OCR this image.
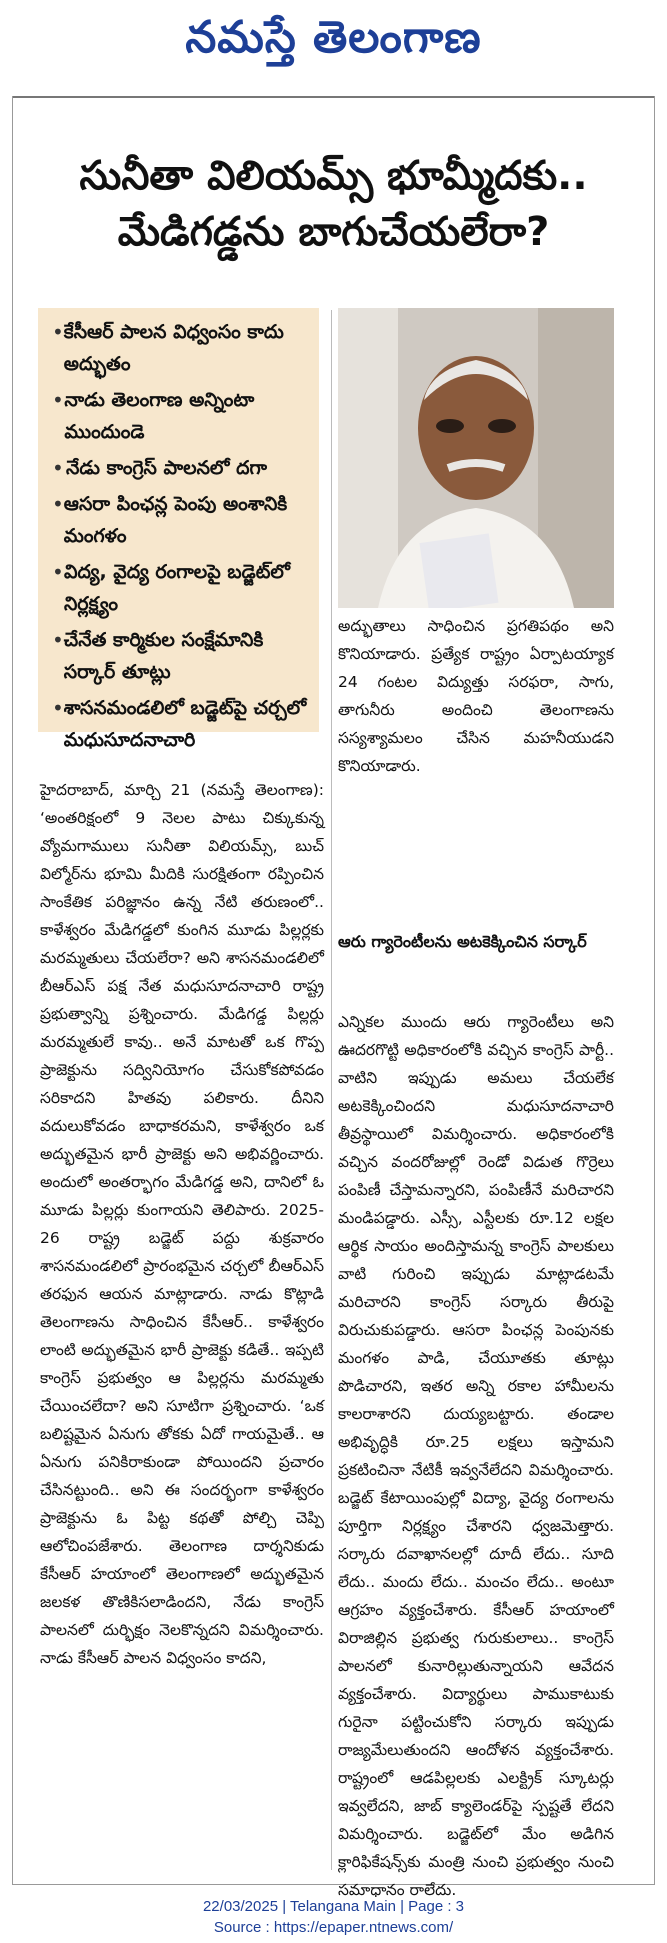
నమస్తే తెలంగాణ
సునీతా విలియమ్స్ భూమ్మీదకు..
మేడిగడ్డను బాగుచేయలేరా?
• కేసీఆర్ పాలన విధ్వంసం కాదు అద్భుతం
• నాడు తెలంగాణ అన్నింటా ముందుండె
• నేడు కాంగ్రెస్ పాలనలో దగా
• ఆసరా పింఛన్ల పెంపు అంశానికి మంగళం
• విద్య, వైద్య రంగాలపై బడ్జెట్‌లో నిర్లక్ష్యం
• చేనేత కార్మికుల సంక్షేమానికి సర్కార్ తూట్లు
• శాసనమండలిలో బడ్జెట్‌పై చర్చలో మధుసూదనాచారి
హైదరాబాద్, మార్చి 21 (నమస్తే తెలంగాణ): ‘అంతరిక్షంలో 9 నెలల పాటు చిక్కుకున్న వ్యోమగాములు సునీతా విలియమ్స్, బుచ్ విల్మోర్‌ను భూమి మీదికి సురక్షితంగా రప్పించిన సాంకేతిక పరిజ్ఞానం ఉన్న నేటి తరుణంలో.. కాళేశ్వరం మేడిగడ్డలో కుంగిన మూడు పిల్లర్లకు మరమ్మతులు చేయలేరా? అని శాసనమండలిలో బీఆర్‌ఎస్ పక్ష నేత మధుసూదనాచారి రాష్ట్ర ప్రభుత్వాన్ని ప్రశ్నించారు. మేడిగడ్డ పిల్లర్లు మరమ్మతులే కావు.. అనే మాటతో ఒక గొప్ప ప్రాజెక్టును సద్వినియోగం చేసుకోకపోవడం సరికాదని హితవు పలికారు. దీనిని వదులుకోవడం బాధాకరమని, కాళేశ్వరం ఒక అద్భుతమైన భారీ ప్రాజెక్టు అని అభివర్ణించారు. అందులో అంతర్భాగం మేడిగడ్డ అని, దానిలో ఓ మూడు పిల్లర్లు కుంగాయని తెలిపారు. 2025-26 రాష్ట్ర బడ్జెట్ పద్దు శుక్రవారం శాసనమండలిలో ప్రారంభమైన చర్చలో బీఆర్‌ఎస్ తరఫున ఆయన మాట్లాడారు. నాడు కొట్లాడి తెలంగాణను సాధించిన కేసీఆర్.. కాళేశ్వరం లాంటి అద్భుతమైన భారీ ప్రాజెక్టు కడితే.. ఇప్పటి కాంగ్రెస్ ప్రభుత్వం ఆ పిల్లర్లను మరమ్మతు చేయించలేదా? అని సూటిగా ప్రశ్నించారు. ‘ఒక బలిష్టమైన ఏనుగు తోకకు ఏదో గాయమైతే.. ఆ ఏనుగు పనికిరాకుండా పోయిందని ప్రచారం చేసినట్టుంది.. అని ఈ సందర్భంగా కాళేశ్వరం ప్రాజెక్టును ఓ పిట్ట కథతో పోల్చి చెప్పి ఆలోచింపజేశారు. తెలంగాణ దార్శనికుడు కేసీఆర్ హయాంలో తెలంగాణలో అద్భుతమైన జలకళ తొణికిసలాడిందని, నేడు కాంగ్రెస్ పాలనలో దుర్భిక్షం నెలకొన్నదని విమర్శించారు. నాడు కేసీఆర్ పాలన విధ్వంసం కాదని,
అద్భుతాలు సాధించిన ప్రగతిపథం అని కొనియాడారు. ప్రత్యేక రాష్ట్రం ఏర్పాటయ్యాక 24 గంటల విద్యుత్తు సరఫరా, సాగు, తాగునీరు అందించి తెలంగాణను సస్యశ్యామలం చేసిన మహనీయుడని కొనియాడారు.
ఆరు గ్యారెంటీలను అటకెక్కించిన సర్కార్
ఎన్నికల ముందు ఆరు గ్యారెంటీలు అని ఊదరగొట్టి అధికారంలోకి వచ్చిన కాంగ్రెస్ పార్టీ.. వాటిని ఇప్పుడు అమలు చేయలేక అటకెక్కించిందని మధుసూదనాచారి తీవ్రస్థాయిలో విమర్శించారు. అధికారంలోకి వచ్చిన వందరోజుల్లో రెండో విడుత గొర్రెలు పంపిణీ చేస్తామన్నారని, పంపిణీనే మరిచారని మండిపడ్డారు. ఎస్సీ, ఎస్టీలకు రూ.12 లక్షల ఆర్థిక సాయం అందిస్తామన్న కాంగ్రెస్ పాలకులు వాటి గురించి ఇప్పుడు మాట్లాడటమే మరిచారని కాంగ్రెస్ సర్కారు తీరుపై విరుచుకుపడ్డారు. ఆసరా పింఛన్ల పెంపునకు మంగళం పాడి, చేయూతకు తూట్లు పొడిచారని, ఇతర అన్ని రకాల హామీలను కాలరాశారని దుయ్యబట్టారు. తండాల అభివృద్ధికి రూ.25 లక్షలు ఇస్తామని ప్రకటించినా నేటికీ ఇవ్వనేలేదని విమర్శించారు. బడ్జెట్ కేటాయింపుల్లో విద్యా, వైద్య రంగాలను పూర్తిగా నిర్లక్ష్యం చేశారని ధ్వజమెత్తారు. సర్కారు దవాఖానలల్లో దూదీ లేదు.. సూది లేదు.. మందు లేదు.. మంచం లేదు.. అంటూ ఆగ్రహం వ్యక్తంచేశారు. కేసీఆర్ హయాంలో విరాజిల్లిన ప్రభుత్వ గురుకులాలు.. కాంగ్రెస్ పాలనలో కునారిల్లుతున్నాయని ఆవేదన వ్యక్తంచేశారు. విద్యార్థులు పాముకాటుకు గురైనా పట్టించుకోని సర్కారు ఇప్పుడు రాజ్యమేలుతుందని ఆందోళన వ్యక్తంచేశారు. రాష్ట్రంలో ఆడపిల్లలకు ఎలక్ట్రిక్ స్కూటర్లు ఇవ్వలేదని, జాబ్ క్యాలెండర్‌పై స్పష్టతే లేదని విమర్శించారు. బడ్జెట్‌లో మేం అడిగిన క్లారిఫికేషన్స్‌కు మంత్రి నుంచి ప్రభుత్వం నుంచి సమాధానం రాలేదు.
22/03/2025 | Telangana Main | Page : 3
Source : https://epaper.ntnews.com/
